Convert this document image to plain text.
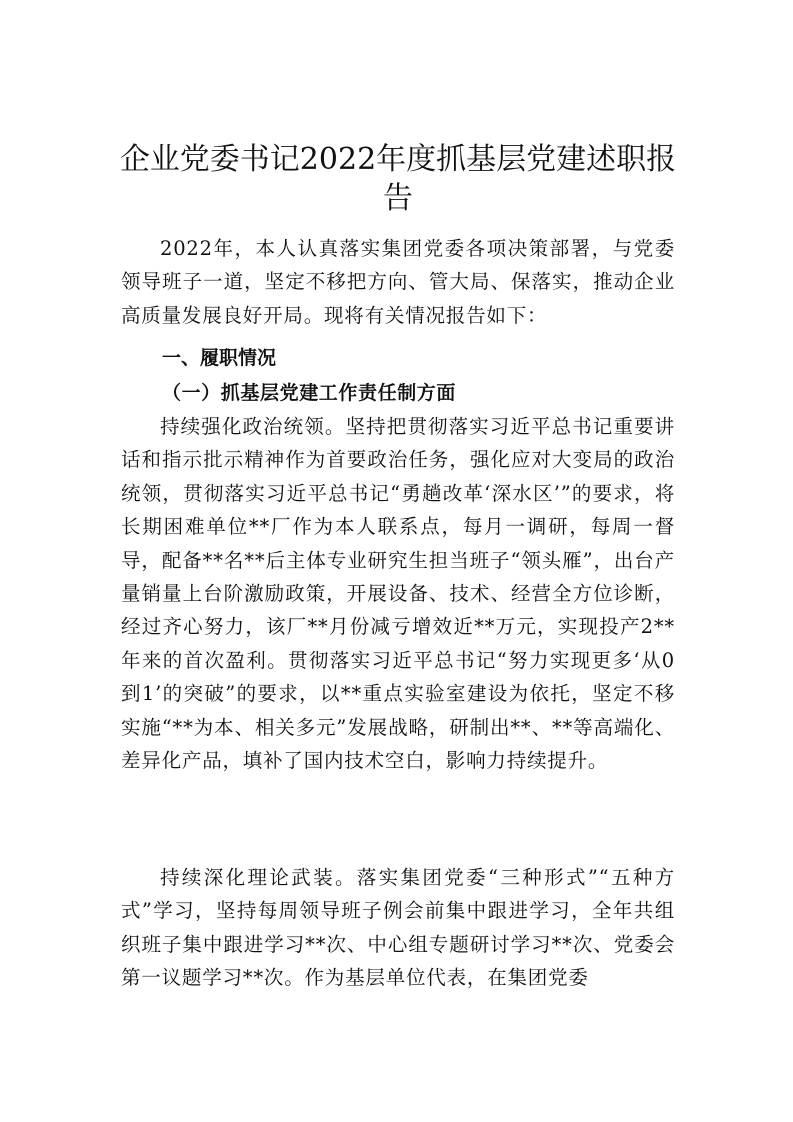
企业党委书记2022年度抓基层党建述职报告

2022年，本人认真落实集团党委各项决策部署，与党委领导班子一道，坚定不移把方向、管大局、保落实，推动企业高质量发展良好开局。现将有关情况报告如下：

一、履职情况
（一）抓基层党建工作责任制方面

持续强化政治统领。坚持把贯彻落实习近平总书记重要讲话和指示批示精神作为首要政治任务，强化应对大变局的政治统领，贯彻落实习近平总书记“勇趟改革‘深水区’”的要求，将长期困难单位**厂作为本人联系点，每月一调研，每周一督导，配备**名**后主体专业研究生担当班子“领头雁”，出台产量销量上台阶激励政策，开展设备、技术、经营全方位诊断，经过齐心努力，该厂**月份减亏增效近**万元，实现投产2**年来的首次盈利。贯彻落实习近平总书记“努力实现更多‘从0到1’的突破”的要求，以**重点实验室建设为依托，坚定不移实施“**为本、相关多元”发展战略，研制出**、**等高端化、差异化产品，填补了国内技术空白，影响力持续提升。

持续深化理论武装。落实集团党委“三种形式”“五种方式”学习，坚持每周领导班子例会前集中跟进学习，全年共组织班子集中跟进学习**次、中心组专题研讨学习**次、党委会第一议题学习**次。作为基层单位代表，在集团党委
